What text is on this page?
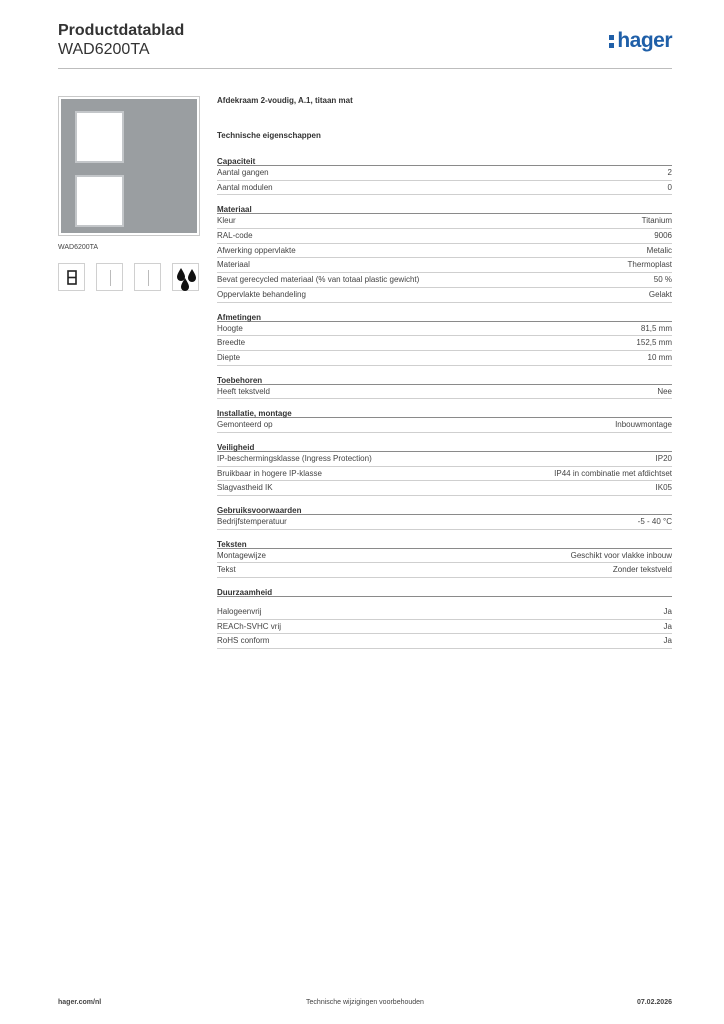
Productdatablad
WAD6200TA	hager
WAD6200TA
Afdekraam 2-voudig, A.1, titaan mat
Technische eigenschappen
Capaciteit
Aantal gangen	2
Aantal modulen	0
Materiaal
Kleur	Titanium
RAL-code	9006
Afwerking oppervlakte	Metalic
Materiaal	Thermoplast
Bevat gerecycled materiaal (% van totaal plastic gewicht)	50 %
Oppervlakte behandeling	Gelakt
Afmetingen
Hoogte	81,5 mm
Breedte	152,5 mm
Diepte	10 mm
Toebehoren
Heeft tekstveld	Nee
Installatie, montage
Gemonteerd op	Inbouwmontage
Veiligheid
IP-beschermingsklasse (Ingress Protection)	IP20
Bruikbaar in hogere IP-klasse	IP44 in combinatie met afdichtset
Slagvastheid IK	IK05
Gebruiksvoorwaarden
Bedrijfstemperatuur	-5 - 40 °C
Teksten
Montagewijze	Geschikt voor vlakke inbouw
Tekst	Zonder tekstveld
Duurzaamheid
Halogeenvrij	Ja
REACh-SVHC vrij	Ja
RoHS conform	Ja
hager.com/nl	Technische wijzigingen voorbehouden	07.02.2026
